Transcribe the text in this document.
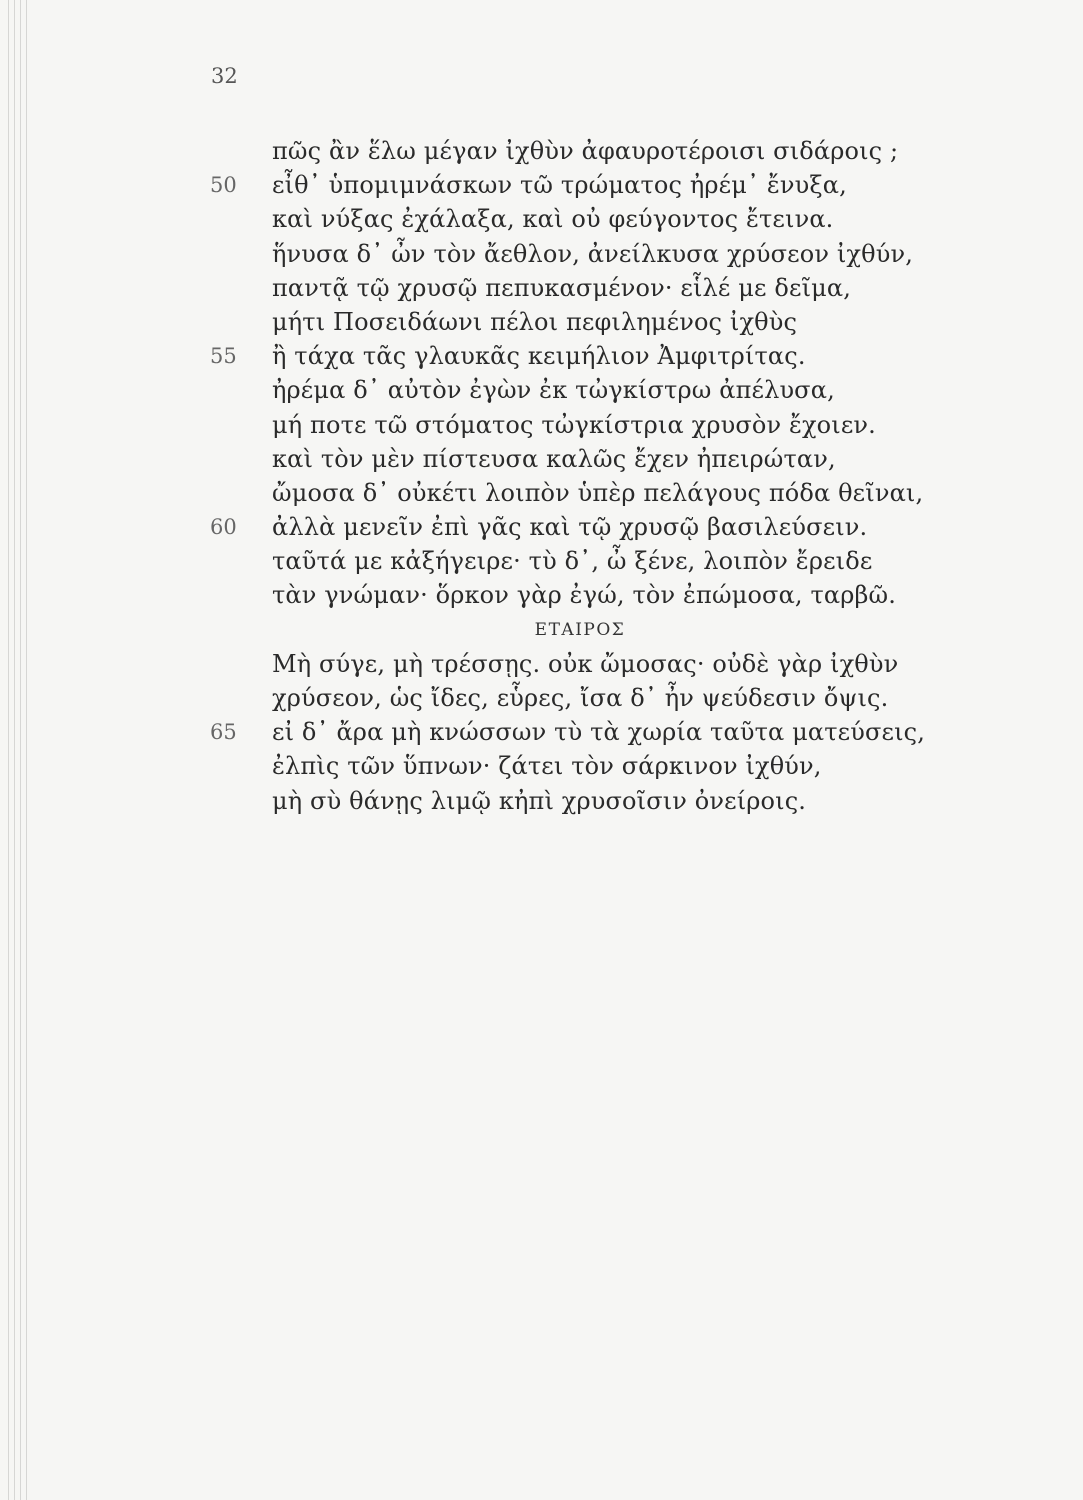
32
πῶς ἂν ἕλω μέγαν ἰχθὺν ἀφαυροτέροισι σιδάροις ;
50	εἶθ᾽ ὑπομιμνάσκων τῶ τρώματος ἠρέμ᾽ ἔνυξα,
καὶ νύξας ἐχάλαξα, καὶ οὐ φεύγοντος ἔτεινα.
ἥνυσα δ᾽ ὦν τὸν ἄεθλον, ἀνείλκυσα χρύσεον ἰχθύν,
παντᾷ τῷ χρυσῷ πεπυκασμένον· εἷλέ με δεῖμα,
μήτι Ποσειδάωνι πέλοι πεφιλημένος ἰχθὺς
55	ἢ τάχα τᾶς γλαυκᾶς κειμήλιον Ἀμφιτρίτας.
ἠρέμα δ᾽ αὐτὸν ἐγὼν ἐκ τὠγκίστρω ἀπέλυσα,
μή ποτε τῶ στόματος τὠγκίστρια χρυσὸν ἔχοιεν.
καὶ τὸν μὲν πίστευσα καλῶς ἔχεν ἠπειρώταν,
ὤμοσα δ᾽ οὐκέτι λοιπὸν ὑπὲρ πελάγους πόδα θεῖναι,
60	ἀλλὰ μενεῖν ἐπὶ γᾶς καὶ τῷ χρυσῷ βασιλεύσειν.
ταῦτά με κἀξήγειρε· τὺ δ᾽, ὦ ξένε, λοιπὸν ἔρειδε
τὰν γνώμαν· ὅρκον γὰρ ἐγώ, τὸν ἐπώμοσα, ταρβῶ.
ΕΤΑΙΡΟΣ
Μὴ σύγε, μὴ τρέσσῃς. οὐκ ὤμοσας· οὐδὲ γὰρ ἰχθὺν
χρύσεον, ὡς ἴδες, εὗρες, ἴσα δ᾽ ἦν ψεύδεσιν ὄψις.
65	εἰ δ᾽ ἄρα μὴ κνώσσων τὺ τὰ χωρία ταῦτα ματεύσεις,
ἐλπὶς τῶν ὕπνων· ζάτει τὸν σάρκινον ἰχθύν,
μὴ σὺ θάνῃς λιμῷ κἠπὶ χρυσοῖσιν ὀνείροις.
